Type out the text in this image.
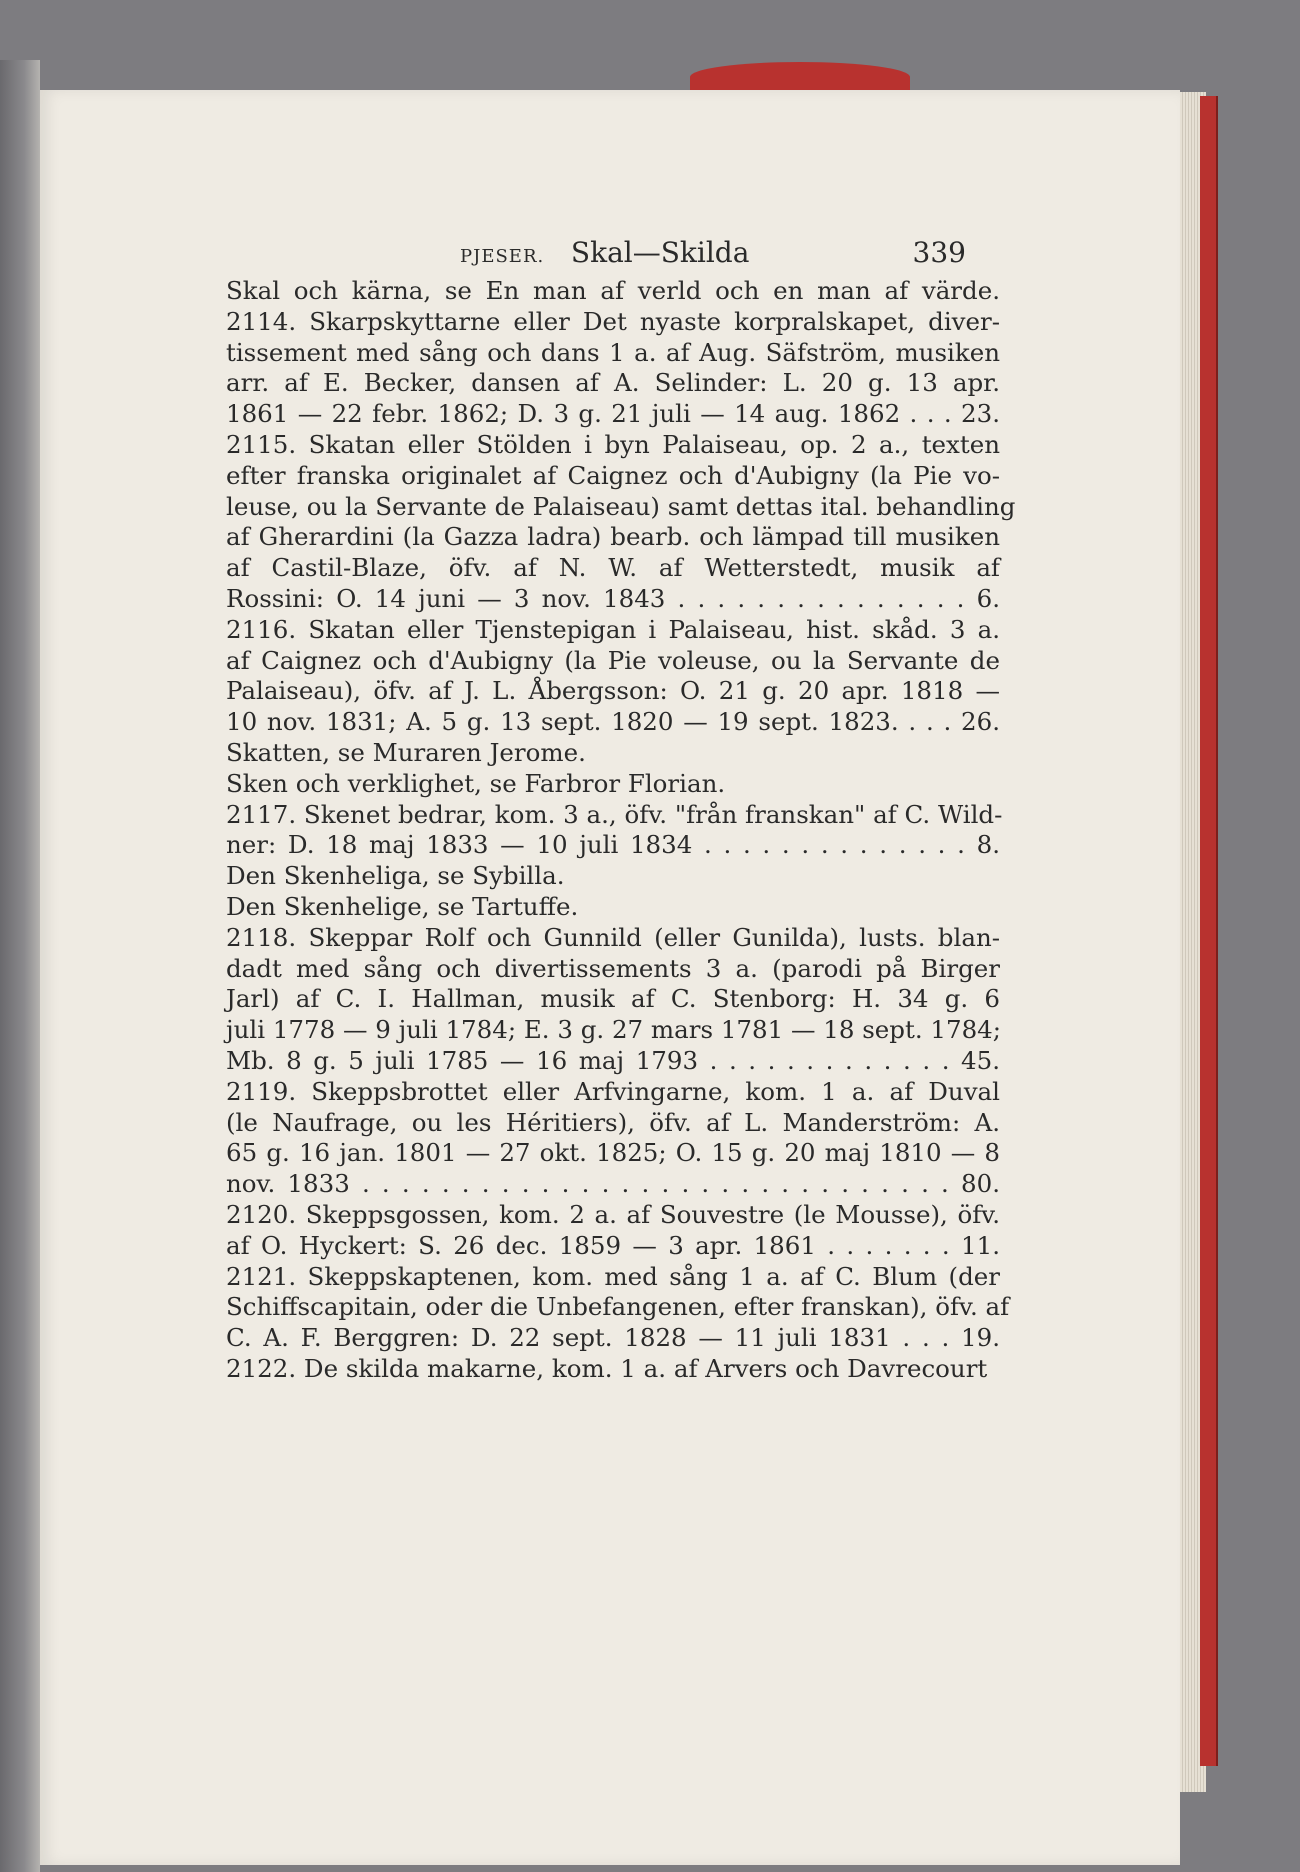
PJESER. Skal—Skilda	339
Skal och kärna, se En man af verld och en man af värde.
2114. Skarpskyttarne eller Det nyaste korpralskapet, diver-
tissement med sång och dans 1 a. af Aug. Säfström, musiken
arr. af E. Becker, dansen af A. Selinder: L. 20 g. 13 apr.
1861 — 22 febr. 1862; D. 3 g. 21 juli — 14 aug. 1862 . . . 23.
2115. Skatan eller Stölden i byn Palaiseau, op. 2 a., texten
efter franska originalet af Caignez och d'Aubigny (la Pie vo-
leuse, ou la Servante de Palaiseau) samt dettas ital. behandling
af Gherardini (la Gazza ladra) bearb. och lämpad till musiken
af Castil-Blaze, öfv. af N. W. af Wetterstedt, musik af
Rossini: O. 14 juni — 3 nov. 1843 . . . . . . . . . . . . . . . 6.
2116. Skatan eller Tjenstepigan i Palaiseau, hist. skåd. 3 a.
af Caignez och d'Aubigny (la Pie voleuse, ou la Servante de
Palaiseau), öfv. af J. L. Åbergsson: O. 21 g. 20 apr. 1818 —
10 nov. 1831; A. 5 g. 13 sept. 1820 — 19 sept. 1823. . . . 26.
Skatten, se Muraren Jerome.
Sken och verklighet, se Farbror Florian.
2117. Skenet bedrar, kom. 3 a., öfv. "från franskan" af C. Wild-
ner: D. 18 maj 1833 — 10 juli 1834 . . . . . . . . . . . . . . 8.
Den Skenheliga, se Sybilla.
Den Skenhelige, se Tartuffe.
2118. Skeppar Rolf och Gunnild (eller Gunilda), lusts. blan-
dadt med sång och divertissements 3 a. (parodi på Birger
Jarl) af C. I. Hallman, musik af C. Stenborg: H. 34 g. 6
juli 1778 — 9 juli 1784; E. 3 g. 27 mars 1781 — 18 sept. 1784;
Mb. 8 g. 5 juli 1785 — 16 maj 1793 . . . . . . . . . . . . . 45.
2119. Skeppsbrottet eller Arfvingarne, kom. 1 a. af Duval
(le Naufrage, ou les Héritiers), öfv. af L. Manderström: A.
65 g. 16 jan. 1801 — 27 okt. 1825; O. 15 g. 20 maj 1810 — 8
nov. 1833 . . . . . . . . . . . . . . . . . . . . . . . . . . . . . . 80.
2120. Skeppsgossen, kom. 2 a. af Souvestre (le Mousse), öfv.
af O. Hyckert: S. 26 dec. 1859 — 3 apr. 1861 . . . . . . . 11.
2121. Skeppskaptenen, kom. med sång 1 a. af C. Blum (der
Schiffscapitain, oder die Unbefangenen, efter franskan), öfv. af
C. A. F. Berggren: D. 22 sept. 1828 — 11 juli 1831 . . . 19.
2122. De skilda makarne, kom. 1 a. af Arvers och Davrecourt
